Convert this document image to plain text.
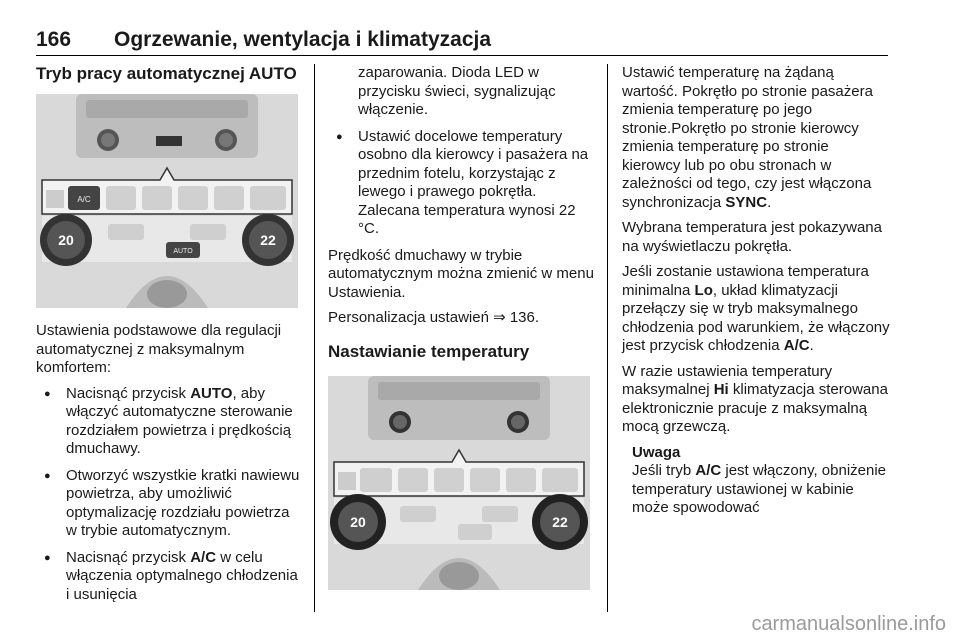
166 Ogrzewanie, wentylacja i klimatyzacja
Tryb pracy automatycznej AUTO
A/C
20	22
AUTO

Ustawienia podstawowe dla regulacji automatycznej z maksymalnym komfortem:

● Nacisnąć przycisk AUTO, aby włączyć automatyczne sterowanie rozdziałem powietrza i prędkością dmuchawy.
● Otworzyć wszystkie kratki nawiewu powietrza, aby umożliwić optymalizację rozdziału powietrza w trybie automatycznym.
● Nacisnąć przycisk A/C w celu włączenia optymalnego chłodzenia i usunięcia
zaparowania. Dioda LED w przycisku świeci, sygnalizując włączenie.
● Ustawić docelowe temperatury osobno dla kierowcy i pasażera na przednim fotelu, korzystając z lewego i prawego pokrętła. Zalecana temperatura wynosi 22 °C.

Prędkość dmuchawy w trybie automatycznym można zmienić w menu Ustawienia.

Personalizacja ustawień ⇒ 136.

Nastawianie temperatury
20	22

Ustawić temperaturę na żądaną wartość. Pokrętło po stronie pasażera zmienia temperaturę po jego stronie.Pokrętło po stronie kierowcy zmienia temperaturę po stronie kierowcy lub po obu stronach w zależności od tego, czy jest włączona synchronizacja SYNC.

Wybrana temperatura jest pokazywana na wyświetlaczu pokrętła.

Jeśli zostanie ustawiona temperatura minimalna Lo, układ klimatyzacji przełączy się w tryb maksymalnego chłodzenia pod warunkiem, że włączony jest przycisk chłodzenia A/C.

W razie ustawienia temperatury maksymalnej Hi klimatyzacja sterowana elektronicznie pracuje z maksymalną mocą grzewczą.

Uwaga
Jeśli tryb A/C jest włączony, obniżenie temperatury ustawionej w kabinie może spowodować
carmanualsonline.info
